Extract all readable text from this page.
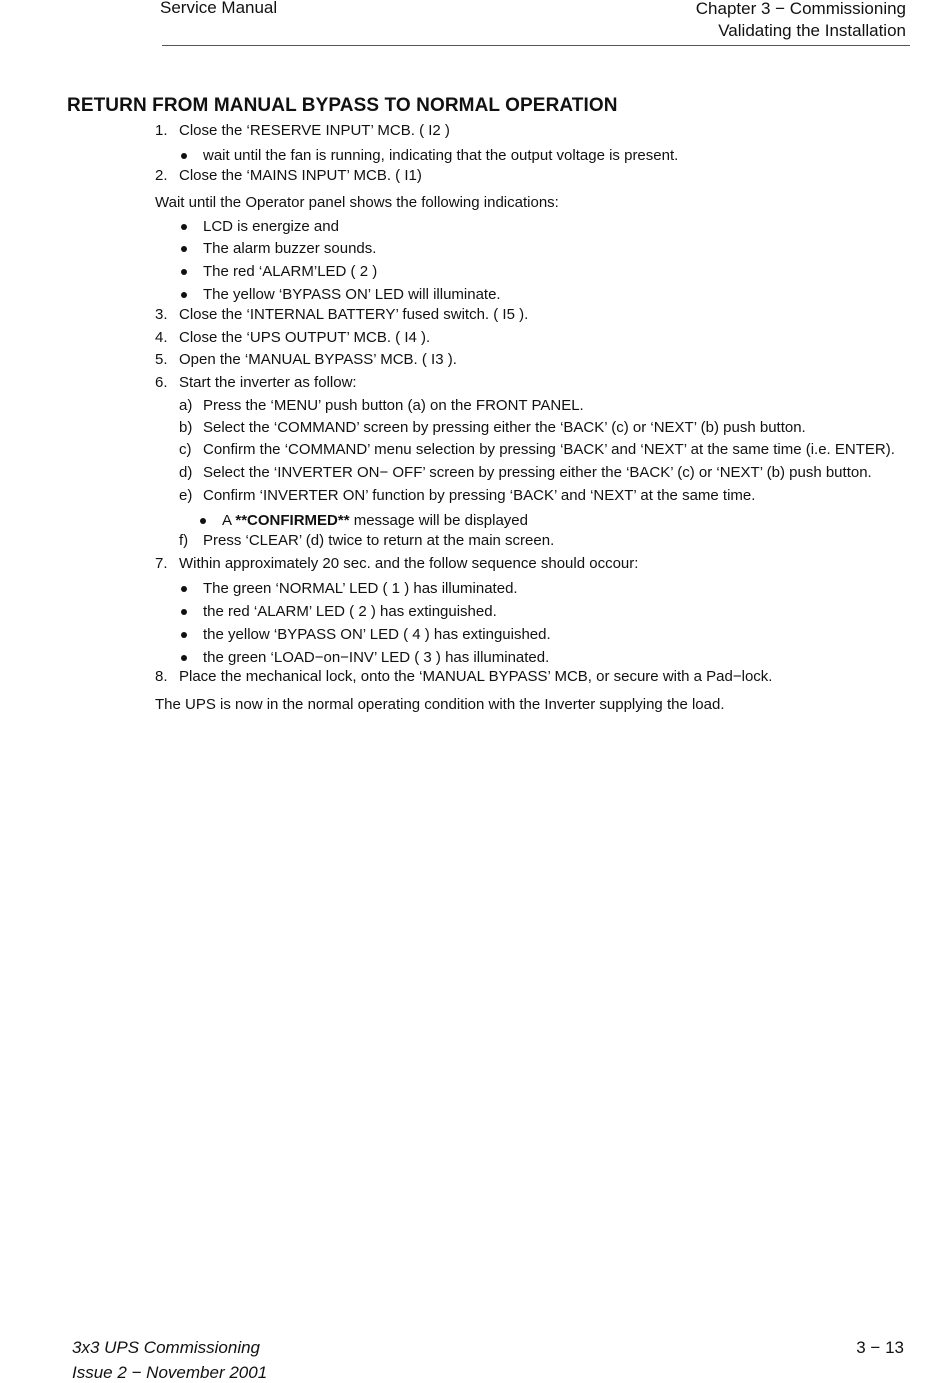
Service Manual	Chapter 3 − Commissioning
Validating the Installation
RETURN FROM MANUAL BYPASS TO NORMAL OPERATION
1. Close the ‘RESERVE INPUT’ MCB. ( I2 )
wait until the fan is running, indicating that the output voltage is present.
2. Close the ‘MAINS INPUT’ MCB. ( I1)
Wait until the Operator panel shows the following indications:
LCD is energize and
The alarm buzzer sounds.
The red ‘ALARM’LED ( 2 )
The yellow ‘BYPASS ON’ LED will illuminate.
3. Close the ‘INTERNAL BATTERY’ fused switch. ( I5 ).
4. Close the ‘UPS OUTPUT’ MCB. ( I4 ).
5. Open the ‘MANUAL BYPASS’ MCB. ( I3 ).
6. Start the inverter as follow:
a) Press the ‘MENU’ push button (a) on the FRONT PANEL.
b) Select the ‘COMMAND’ screen by pressing either the ‘BACK’ (c) or ‘NEXT’ (b) push button.
c) Confirm the ‘COMMAND’ menu selection by pressing ‘BACK’ and ‘NEXT’ at the same time (i.e. ENTER).
d) Select the ‘INVERTER ON− OFF’ screen by pressing either the ‘BACK’ (c) or ‘NEXT’ (b) push button.
e) Confirm ‘INVERTER ON’ function by pressing ‘BACK’ and ‘NEXT’ at the same time.
A **CONFIRMED** message will be displayed
f) Press ‘CLEAR’ (d) twice to return at the main screen.
7. Within approximately 20 sec. and the follow sequence should occour:
The green ‘NORMAL’ LED ( 1 ) has illuminated.
the red ‘ALARM’ LED ( 2 ) has extinguished.
the yellow ‘BYPASS ON’ LED ( 4 ) has extinguished.
the green ‘LOAD−on−INV’ LED ( 3 ) has illuminated.
8. Place the mechanical lock, onto the ‘MANUAL BYPASS’ MCB, or secure with a Pad−lock.
The UPS is now in the normal operating condition with the Inverter supplying the load.
3x3 UPS Commissioning
Issue 2 − November 2001
3 − 13
